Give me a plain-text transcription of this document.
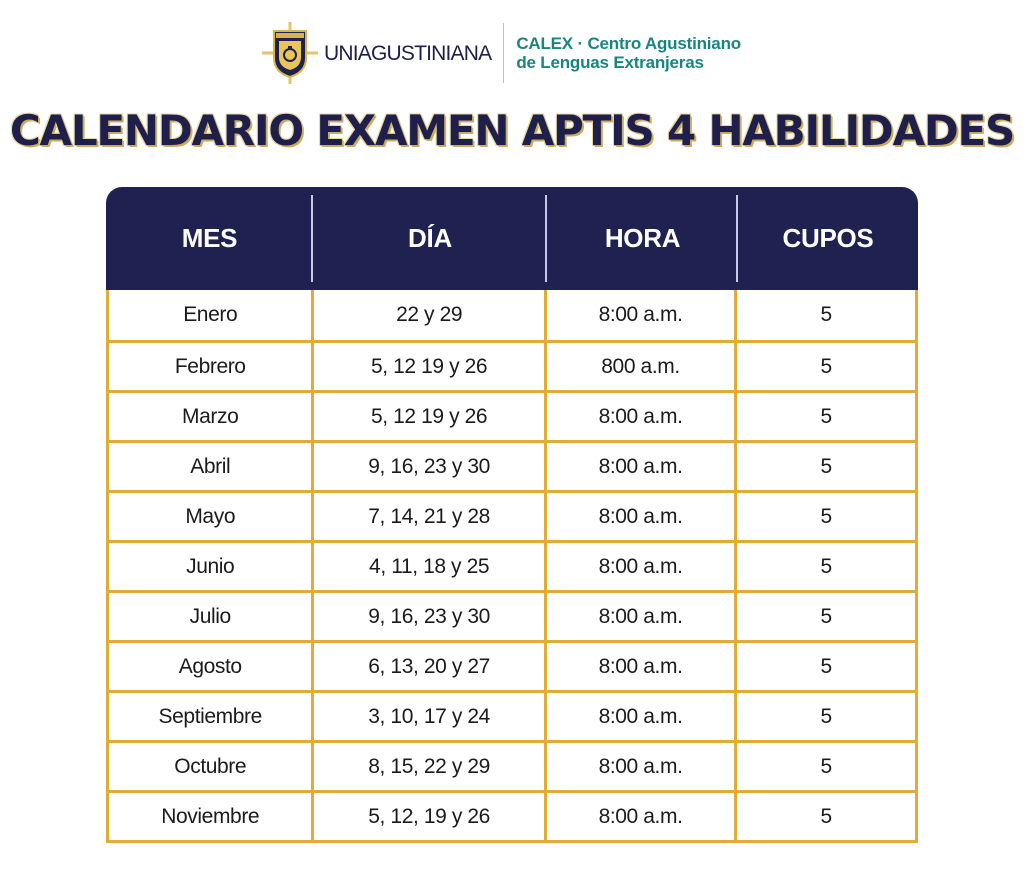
UNIAGUSTINIANA CALEX · Centro Agustiniano
de Lenguas Extranjeras
CALENDARIO EXAMEN APTIS 4 HABILIDADES
MES	DÍA	HORA	CUPOS
Enero	22 y 29	8:00 a.m.	5
Febrero	5, 12 19 y 26	800 a.m.	5
Marzo	5, 12 19 y 26	8:00 a.m.	5
Abril	9, 16, 23 y 30	8:00 a.m.	5
Mayo	7, 14, 21 y 28	8:00 a.m.	5
Junio	4, 11, 18 y 25	8:00 a.m.	5
Julio	9, 16, 23 y 30	8:00 a.m.	5
Agosto	6, 13, 20 y 27	8:00 a.m.	5
Septiembre	3, 10, 17 y 24	8:00 a.m.	5
Octubre	8, 15, 22 y 29	8:00 a.m.	5
Noviembre	5, 12, 19 y 26	8:00 a.m.	5
